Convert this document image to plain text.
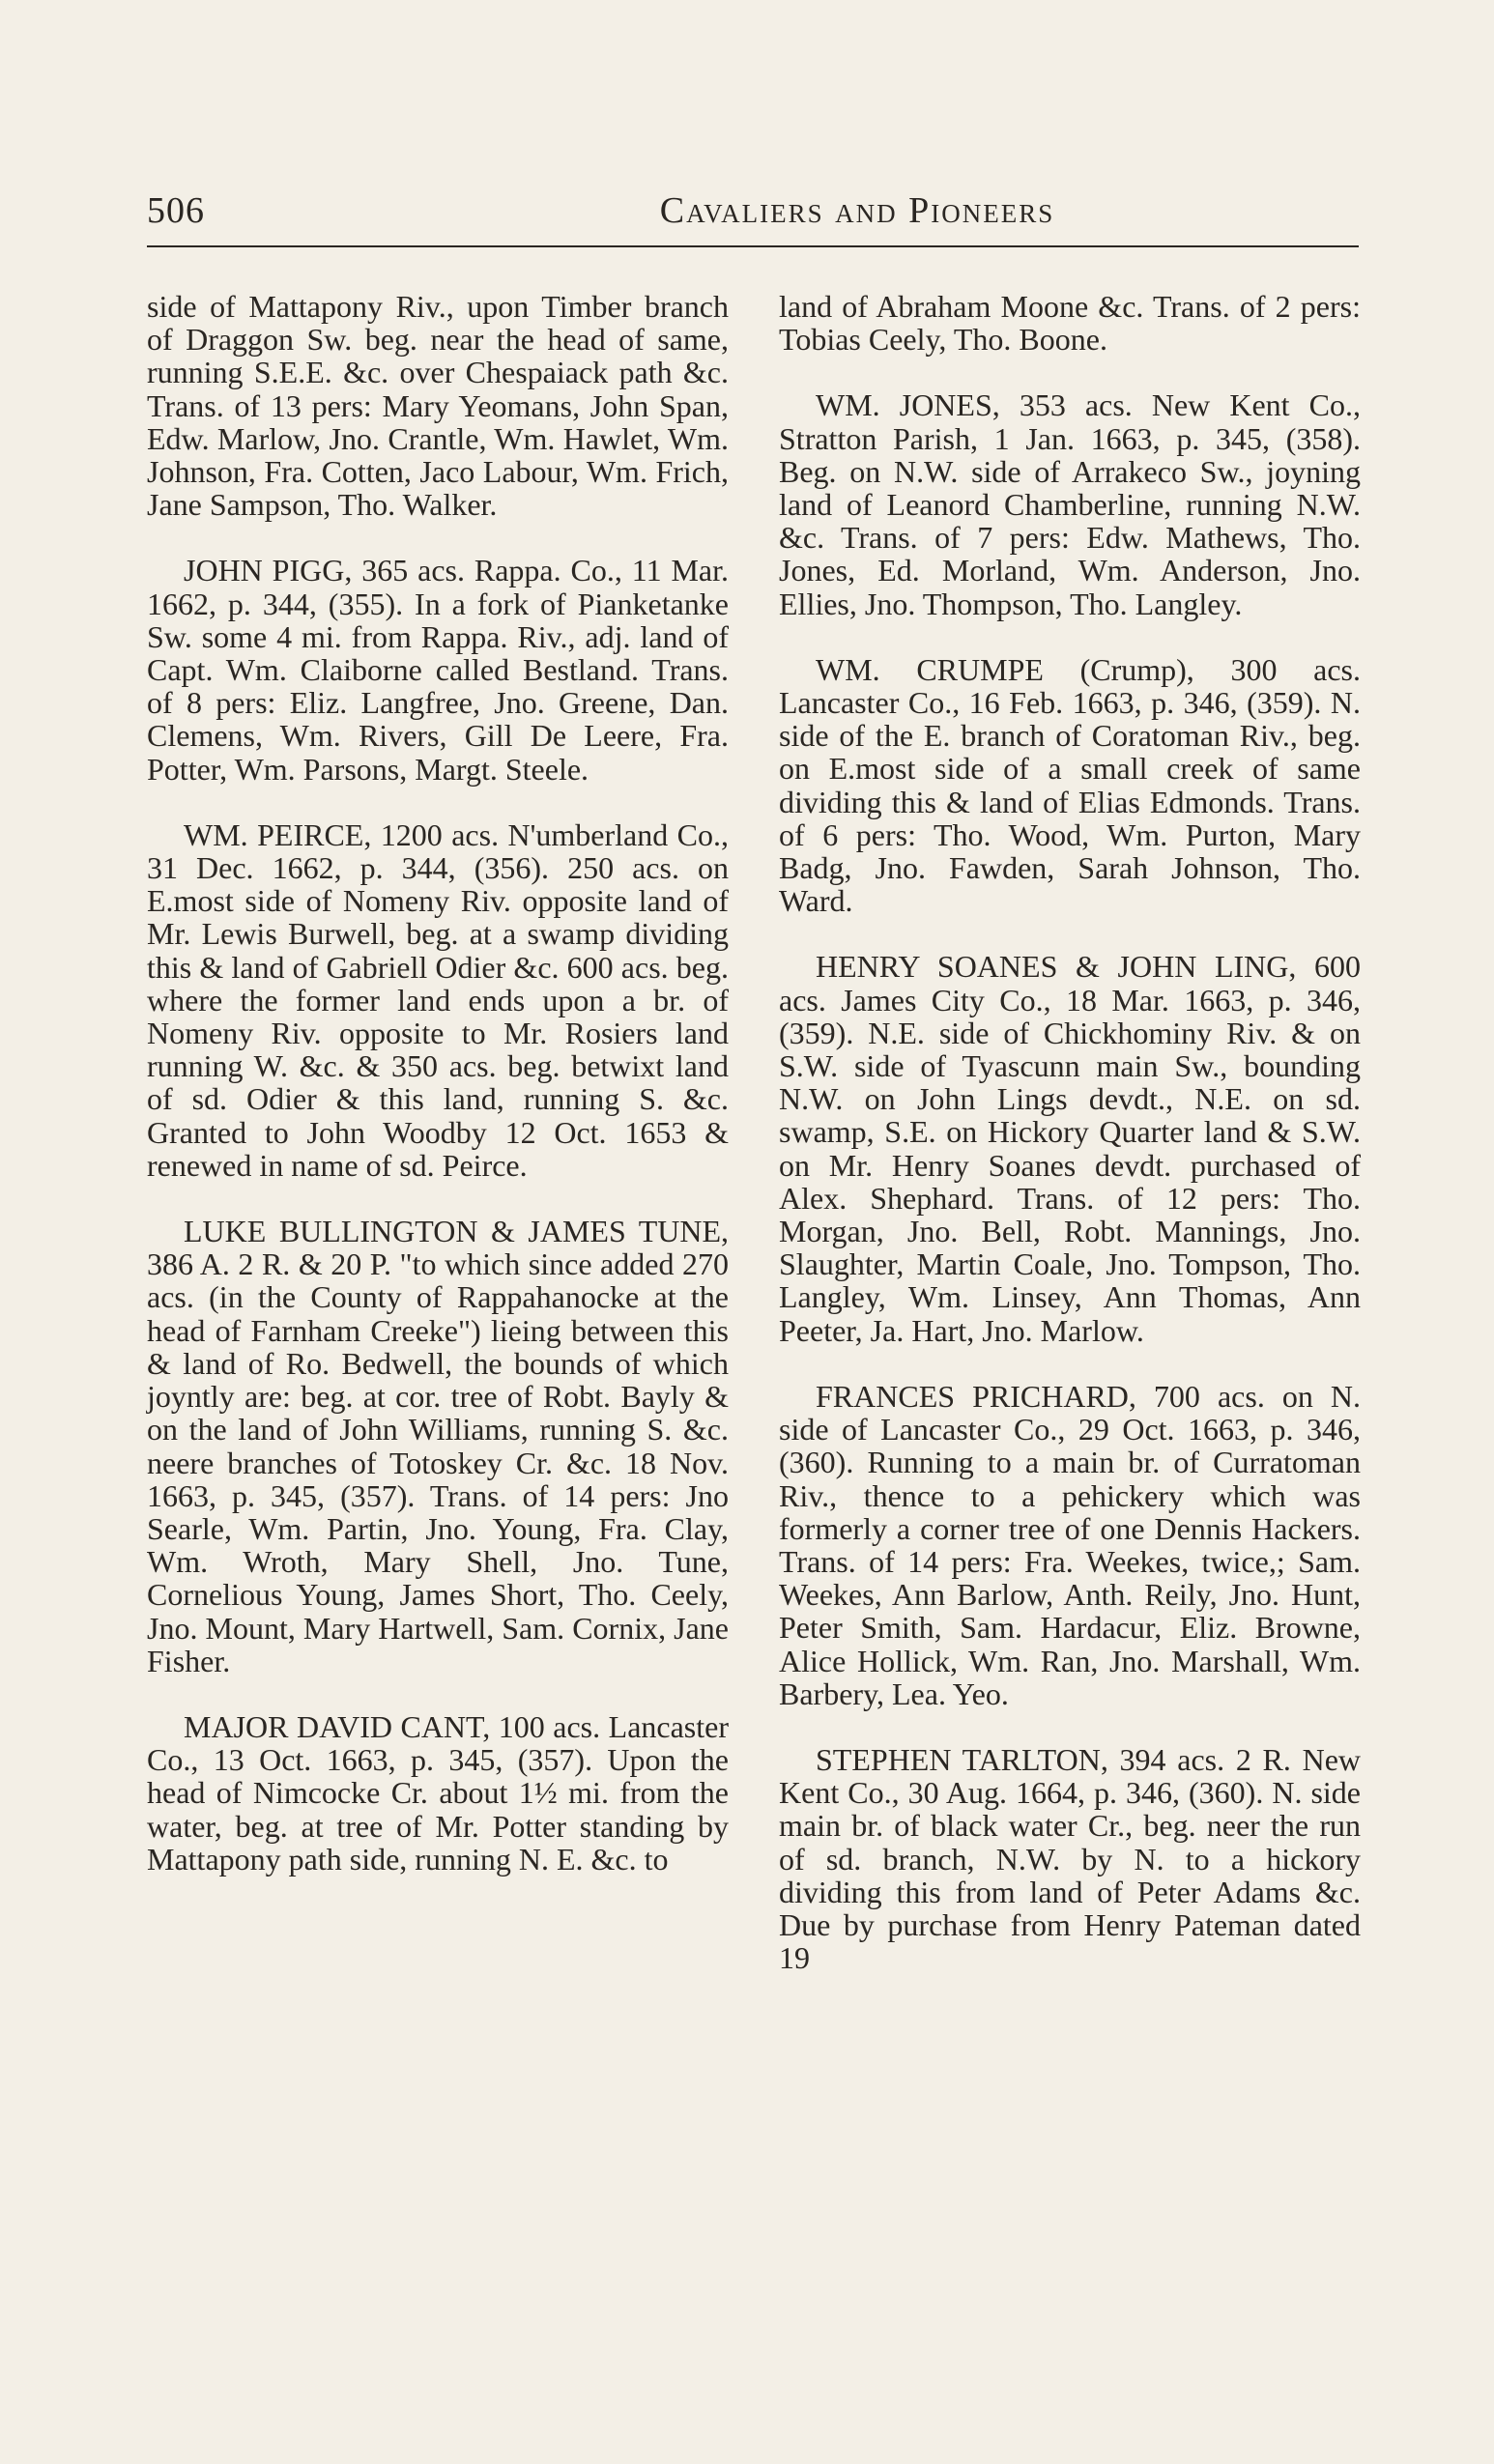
506	Cavaliers and Pioneers

side of Mattapony Riv., upon Timber branch of Draggon Sw. beg. near the head of same, running S.E.E. &c. over Chespaiack path &c. Trans. of 13 pers: Mary Yeomans, John Span, Edw. Marlow, Jno. Crantle, Wm. Hawlet, Wm. Johnson, Fra. Cotten, Jaco Labour, Wm. Frich, Jane Sampson, Tho. Walker.

JOHN PIGG, 365 acs. Rappa. Co., 11 Mar. 1662, p. 344, (355). In a fork of Pianketanke Sw. some 4 mi. from Rappa. Riv., adj. land of Capt. Wm. Claiborne called Bestland. Trans. of 8 pers: Eliz. Langfree, Jno. Greene, Dan. Clemens, Wm. Rivers, Gill De Leere, Fra. Potter, Wm. Parsons, Margt. Steele.

WM. PEIRCE, 1200 acs. N'umberland Co., 31 Dec. 1662, p. 344, (356). 250 acs. on E.most side of Nomeny Riv. opposite land of Mr. Lewis Burwell, beg. at a swamp dividing this & land of Gabriell Odier &c. 600 acs. beg. where the former land ends upon a br. of Nomeny Riv. opposite to Mr. Rosiers land running W. &c. & 350 acs. beg. betwixt land of sd. Odier & this land, running S. &c. Granted to John Woodby 12 Oct. 1653 & renewed in name of sd. Peirce.

LUKE BULLINGTON & JAMES TUNE, 386 A. 2 R. & 20 P. "to which since added 270 acs. (in the County of Rappahanocke at the head of Farnham Creeke") lieing between this & land of Ro. Bedwell, the bounds of which joyntly are: beg. at cor. tree of Robt. Bayly & on the land of John Williams, running S. &c. neere branches of Totoskey Cr. &c. 18 Nov. 1663, p. 345, (357). Trans. of 14 pers: Jno Searle, Wm. Partin, Jno. Young, Fra. Clay, Wm. Wroth, Mary Shell, Jno. Tune, Cornelious Young, James Short, Tho. Ceely, Jno. Mount, Mary Hartwell, Sam. Cornix, Jane Fisher.

MAJOR DAVID CANT, 100 acs. Lancaster Co., 13 Oct. 1663, p. 345, (357). Upon the head of Nimcocke Cr. about 1½ mi. from the water, beg. at tree of Mr. Potter standing by Mattapony path side, running N. E. &c. to

land of Abraham Moone &c. Trans. of 2 pers: Tobias Ceely, Tho. Boone.

WM. JONES, 353 acs. New Kent Co., Stratton Parish, 1 Jan. 1663, p. 345, (358). Beg. on N.W. side of Arrakeco Sw., joyning land of Leanord Chamberline, running N.W. &c. Trans. of 7 pers: Edw. Mathews, Tho. Jones, Ed. Morland, Wm. Anderson, Jno. Ellies, Jno. Thompson, Tho. Langley.

WM. CRUMPE (Crump), 300 acs. Lancaster Co., 16 Feb. 1663, p. 346, (359). N. side of the E. branch of Coratoman Riv., beg. on E.most side of a small creek of same dividing this & land of Elias Edmonds. Trans. of 6 pers: Tho. Wood, Wm. Purton, Mary Badg, Jno. Fawden, Sarah Johnson, Tho. Ward.

HENRY SOANES & JOHN LING, 600 acs. James City Co., 18 Mar. 1663, p. 346, (359). N.E. side of Chickhominy Riv. & on S.W. side of Tyascunn main Sw., bounding N.W. on John Lings devdt., N.E. on sd. swamp, S.E. on Hickory Quarter land & S.W. on Mr. Henry Soanes devdt. purchased of Alex. Shephard. Trans. of 12 pers: Tho. Morgan, Jno. Bell, Robt. Mannings, Jno. Slaughter, Martin Coale, Jno. Tompson, Tho. Langley, Wm. Linsey, Ann Thomas, Ann Peeter, Ja. Hart, Jno. Marlow.

FRANCES PRICHARD, 700 acs. on N. side of Lancaster Co., 29 Oct. 1663, p. 346, (360). Running to a main br. of Curratoman Riv., thence to a pehickery which was formerly a corner tree of one Dennis Hackers. Trans. of 14 pers: Fra. Weekes, twice,; Sam. Weekes, Ann Barlow, Anth. Reily, Jno. Hunt, Peter Smith, Sam. Hardacur, Eliz. Browne, Alice Hollick, Wm. Ran, Jno. Marshall, Wm. Barbery, Lea. Yeo.

STEPHEN TARLTON, 394 acs. 2 R. New Kent Co., 30 Aug. 1664, p. 346, (360). N. side main br. of black water Cr., beg. neer the run of sd. branch, N.W. by N. to a hickory dividing this from land of Peter Adams &c. Due by purchase from Henry Pateman dated 19
